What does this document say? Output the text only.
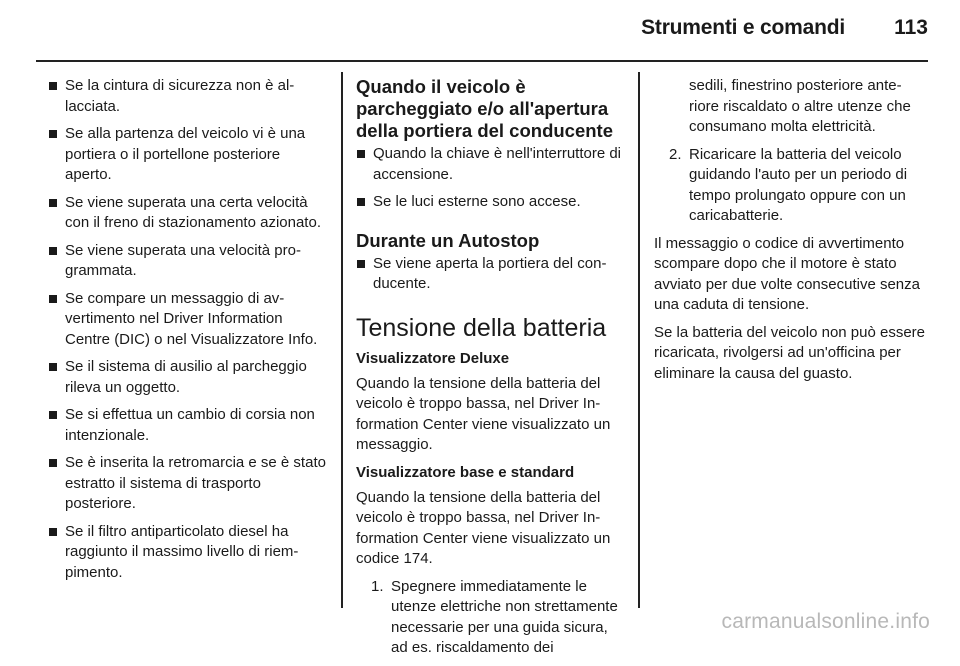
Strumenti e comandi	113
Se la cintura di sicurezza non è allacciata.
Se alla partenza del veicolo vi è una portiera o il portellone posteriore aperto.
Se viene superata una certa velocità con il freno di stazionamento azionato.
Se viene superata una velocità programmata.
Se compare un messaggio di avvertimento nel Driver Information Centre (DIC) o nel Visualizzatore Info.
Se il sistema di ausilio al parcheggio rileva un oggetto.
Se si effettua un cambio di corsia non intenzionale.
Se è inserita la retromarcia e se è stato estratto il sistema di trasporto posteriore.
Se il filtro antiparticolato diesel ha raggiunto il massimo livello di riempimento.
Quando il veicolo è parcheggiato e/o all'apertura della portiera del conducente
Quando la chiave è nell'interruttore di accensione.
Se le luci esterne sono accese.
Durante un Autostop
Se viene aperta la portiera del conducente.
Tensione della batteria
Visualizzatore Deluxe

Quando la tensione della batteria del veicolo è troppo bassa, nel Driver Information Center viene visualizzato un messaggio.

Visualizzatore base e standard

Quando la tensione della batteria del veicolo è troppo bassa, nel Driver Information Center viene visualizzato un codice 174.

1. Spegnere immediatamente le utenze elettriche non strettamente necessarie per una guida sicura, ad es. riscaldamento dei
sedili, finestrino posteriore anteriore riscaldato o altre utenze che consumano molta elettricità.
2. Ricaricare la batteria del veicolo guidando l'auto per un periodo di tempo prolungato oppure con un caricabatterie.

Il messaggio o codice di avvertimento scompare dopo che il motore è stato avviato per due volte consecutive senza una caduta di tensione.

Se la batteria del veicolo non può essere ricaricata, rivolgersi ad un'officina per eliminare la causa del guasto.

carmanualsonline.info
